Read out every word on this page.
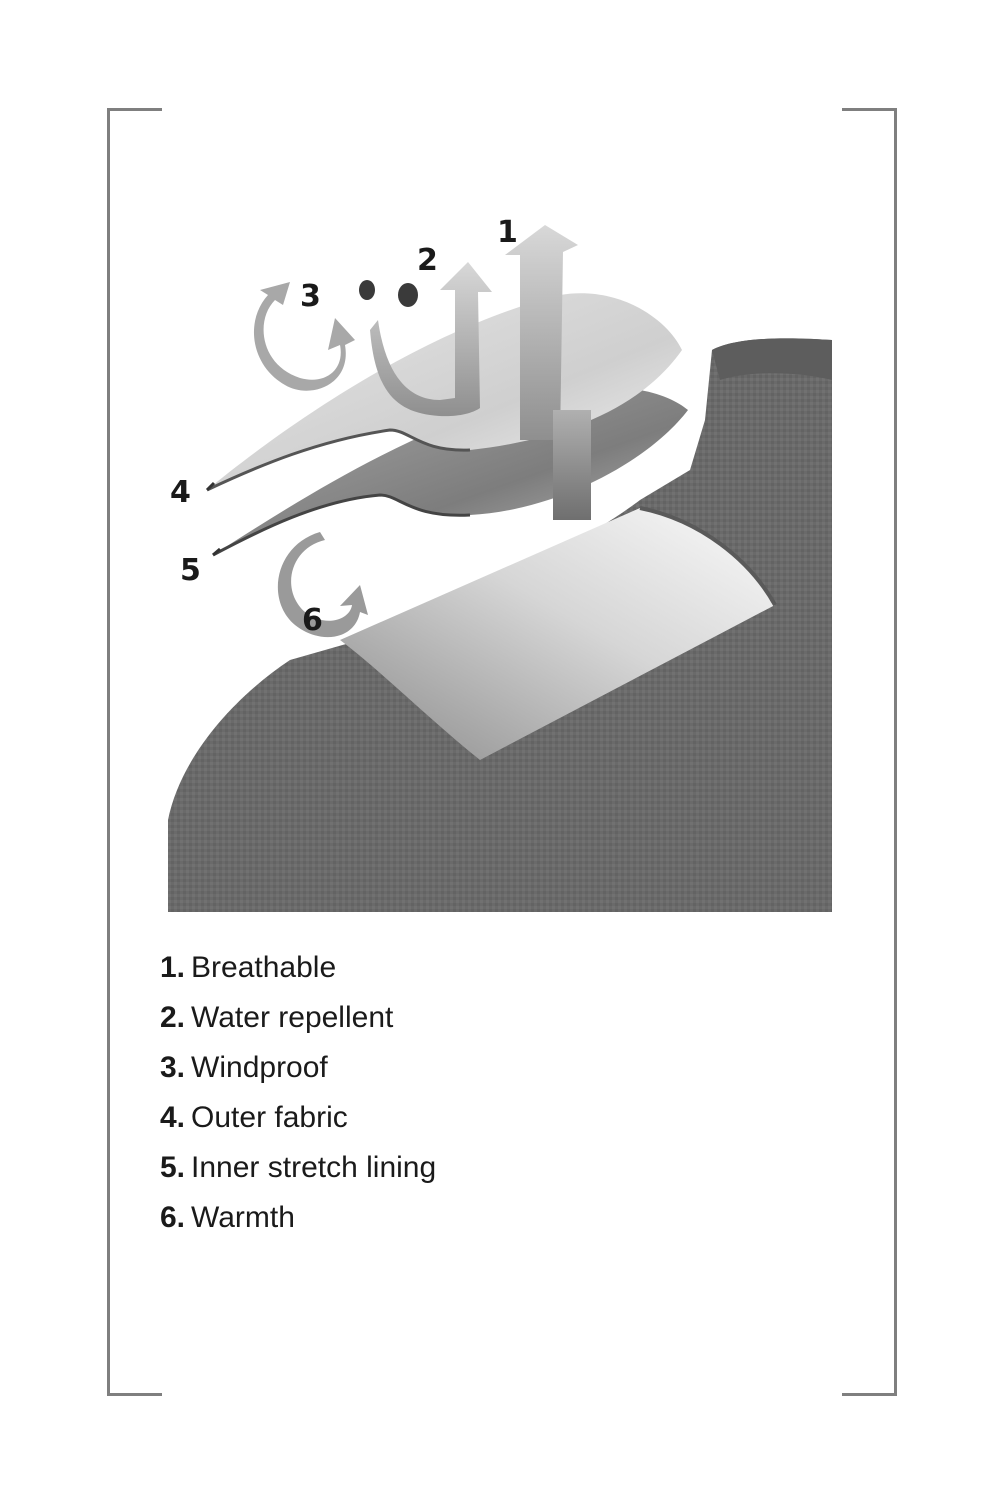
1
2
3
4
5
6
1. Breathable
2. Water repellent
3. Windproof
4. Outer fabric
5. Inner stretch lining
6. Warmth
